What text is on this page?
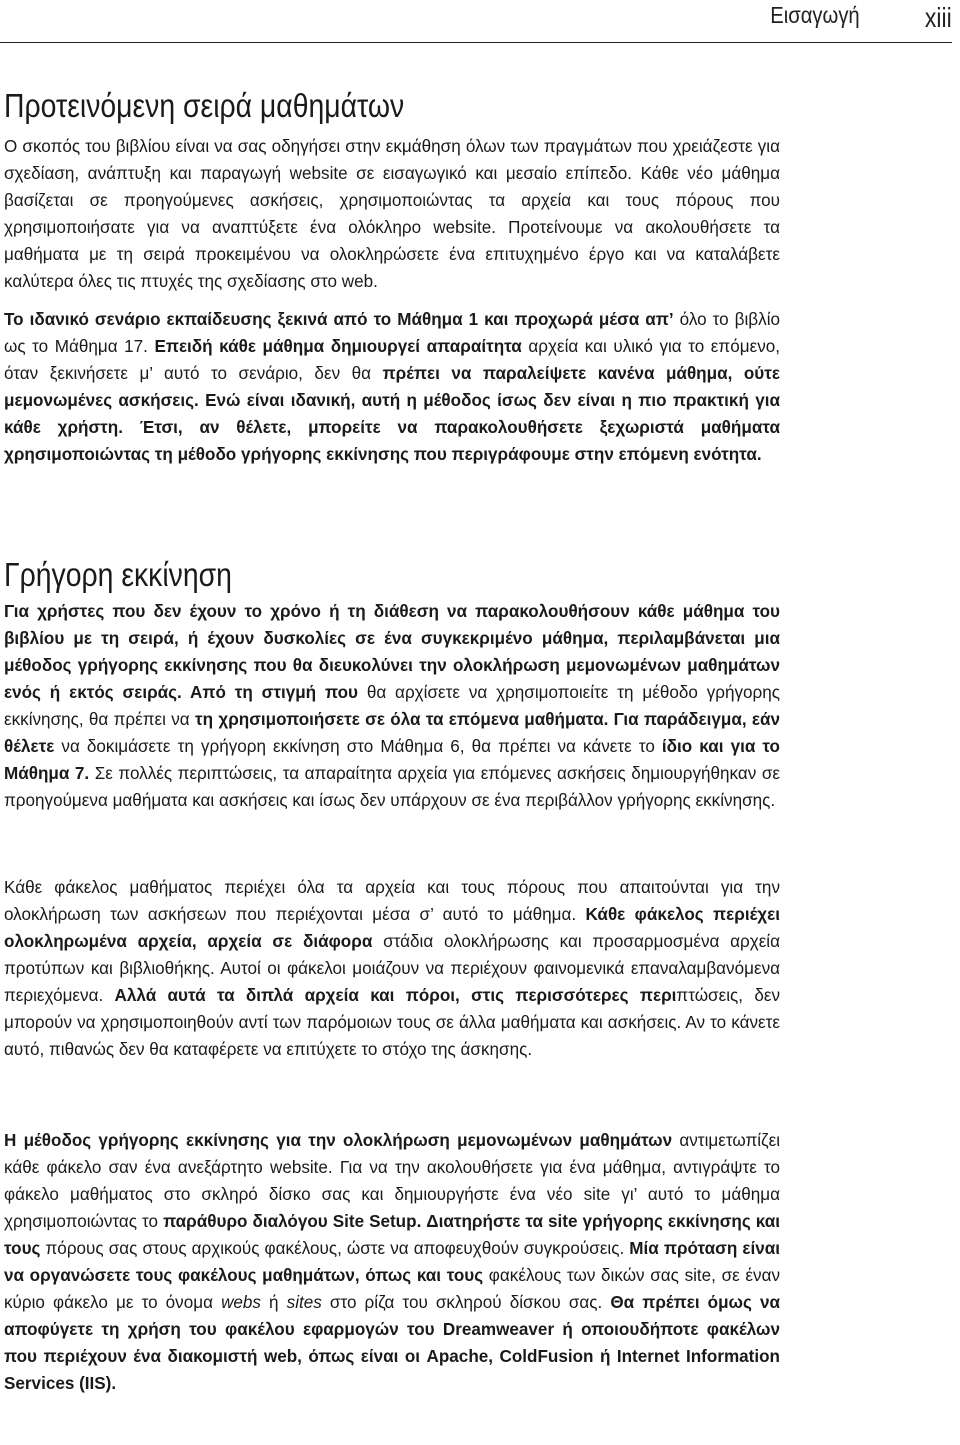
Εισαγωγή xiii
Προτεινόμενη σειρά μαθημάτων

Ο σκοπός του βιβλίου είναι να σας οδηγήσει στην εκμάθηση όλων των πραγμάτων που χρειάζεστε για σχεδίαση, ανάπτυξη και παραγωγή website σε εισαγωγικό και μεσαίο επίπεδο. Κάθε νέο μάθημα βασίζεται σε προηγούμενες ασκήσεις, χρησιμοποιώντας τα αρχεία και τους πόρους που χρησιμοποιήσατε για να αναπτύξετε ένα ολόκληρο website. Προτείνουμε να ακολουθήσετε τα μαθήματα με τη σειρά προκειμένου να ολοκληρώσετε ένα επιτυχημένο έργο και να καταλάβετε καλύτερα όλες τις πτυχές της σχεδίασης στο web.

Το ιδανικό σενάριο εκπαίδευσης ξεκινά από το Μάθημα 1 και προχωρά μέσα απ’ όλο το βιβλίο ως το Μάθημα 17. Επειδή κάθε μάθημα δημιουργεί απαραίτητα αρχεία και υλικό για το επόμενο, όταν ξεκινήσετε μ’ αυτό το σενάριο, δεν θα πρέπει να παραλείψετε κανένα μάθημα, ούτε μεμονωμένες ασκήσεις. Ενώ είναι ιδανική, αυτή η μέθοδος ίσως δεν είναι η πιο πρακτική για κάθε χρήστη. Έτσι, αν θέλετε, μπορείτε να παρακολουθήσετε ξεχωριστά μαθήματα χρησιμοποιώντας τη μέθοδο γρήγορης εκκίνησης που περιγράφουμε στην επόμενη ενότητα.

Γρήγορη εκκίνηση

Για χρήστες που δεν έχουν το χρόνο ή τη διάθεση να παρακολουθήσουν κάθε μάθημα του βιβλίου με τη σειρά, ή έχουν δυσκολίες σε ένα συγκεκριμένο μάθημα, περιλαμβάνεται μια μέθοδος γρήγορης εκκίνησης που θα διευκολύνει την ολοκλήρωση μεμονωμένων μαθημάτων ενός ή εκτός σειράς. Από τη στιγμή που θα αρχίσετε να χρησιμοποιείτε τη μέθοδο γρήγορης εκκίνησης, θα πρέπει να τη χρησιμοποιήσετε σε όλα τα επόμενα μαθήματα. Για παράδειγμα, εάν θέλετε να δοκιμάσετε τη γρήγορη εκκίνηση στο Μάθημα 6, θα πρέπει να κάνετε το ίδιο και για το Μάθημα 7. Σε πολλές περιπτώσεις, τα απαραίτητα αρχεία για επόμενες ασκήσεις δημιουργήθηκαν σε προηγούμενα μαθήματα και ασκήσεις και ίσως δεν υπάρχουν σε ένα περιβάλλον γρήγορης εκκίνησης.

Κάθε φάκελος μαθήματος περιέχει όλα τα αρχεία και τους πόρους που απαιτούνται για την ολοκλήρωση των ασκήσεων που περιέχονται μέσα σ’ αυτό το μάθημα. Κάθε φάκελος περιέχει ολοκληρωμένα αρχεία, αρχεία σε διάφορα στάδια ολοκλήρωσης και προσαρμοσμένα αρχεία προτύπων και βιβλιοθήκης. Αυτοί οι φάκελοι μοιάζουν να περιέχουν φαινομενικά επαναλαμβανόμενα περιεχόμενα. Αλλά αυτά τα διπλά αρχεία και πόροι, στις περισσότερες περιπτώσεις, δεν μπορούν να χρησιμοποιηθούν αντί των παρόμοιων τους σε άλλα μαθήματα και ασκήσεις. Αν το κάνετε αυτό, πιθανώς δεν θα καταφέρετε να επιτύχετε το στόχο της άσκησης.

Η μέθοδος γρήγορης εκκίνησης για την ολοκλήρωση μεμονωμένων μαθημάτων αντιμετωπίζει κάθε φάκελο σαν ένα ανεξάρτητο website. Για να την ακολουθήσετε για ένα μάθημα, αντιγράψτε το φάκελο μαθήματος στο σκληρό δίσκο σας και δημιουργήστε ένα νέο site γι’ αυτό το μάθημα χρησιμοποιώντας το παράθυρο διαλόγου Site Setup. Διατηρήστε τα site γρήγορης εκκίνησης και τους πόρους σας στους αρχικούς φακέλους, ώστε να αποφευχθούν συγκρούσεις. Μία πρόταση είναι να οργανώσετε τους φακέλους μαθημάτων, όπως και τους φακέλους των δικών σας site, σε έναν κύριο φάκελο με το όνομα webs ή sites στο ρίζα του σκληρού δίσκου σας. Θα πρέπει όμως να αποφύγετε τη χρήση του φακέλου εφαρμογών του Dreamweaver ή οποιουδήποτε φακέλων που περιέχουν ένα διακομιστή web, όπως είναι οι Apache, ColdFusion ή Internet Information Services (IIS).
